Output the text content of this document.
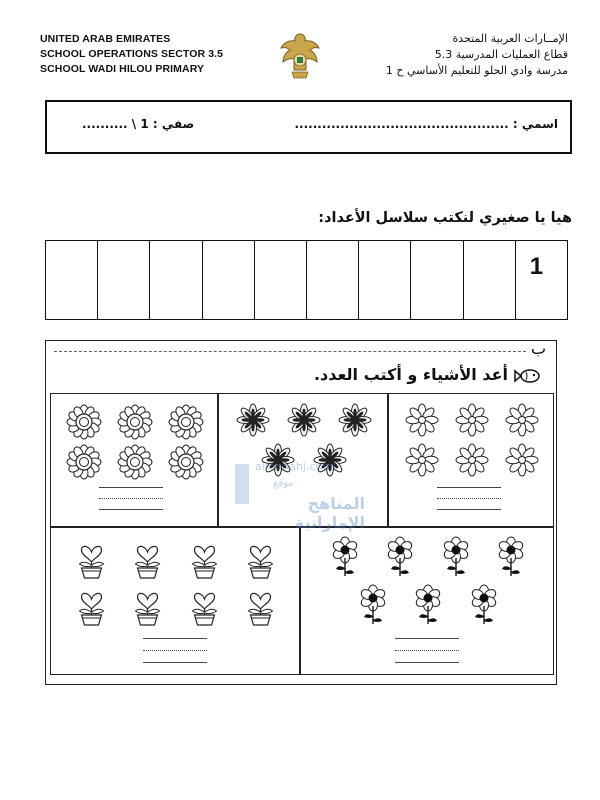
UNITED ARAB EMIRATES
SCHOOL OPERATIONS SECTOR 3.5
SCHOOL WADI HILOU PRIMARY
الإمــارات العربية المتحدة
قطاع العمليات المدرسية 5.3
مدرسة وادي الحلو للتعليم الأساسي ح 1
اسمي : ...............................................
صفي : 1 \ ..........
هيا يا صغيري لنكتب سلاسل الأعداد:
1
ب
أعد الأشياء و أكتب العدد.
almanahj.com
موقع
المناهج الإماراتية
